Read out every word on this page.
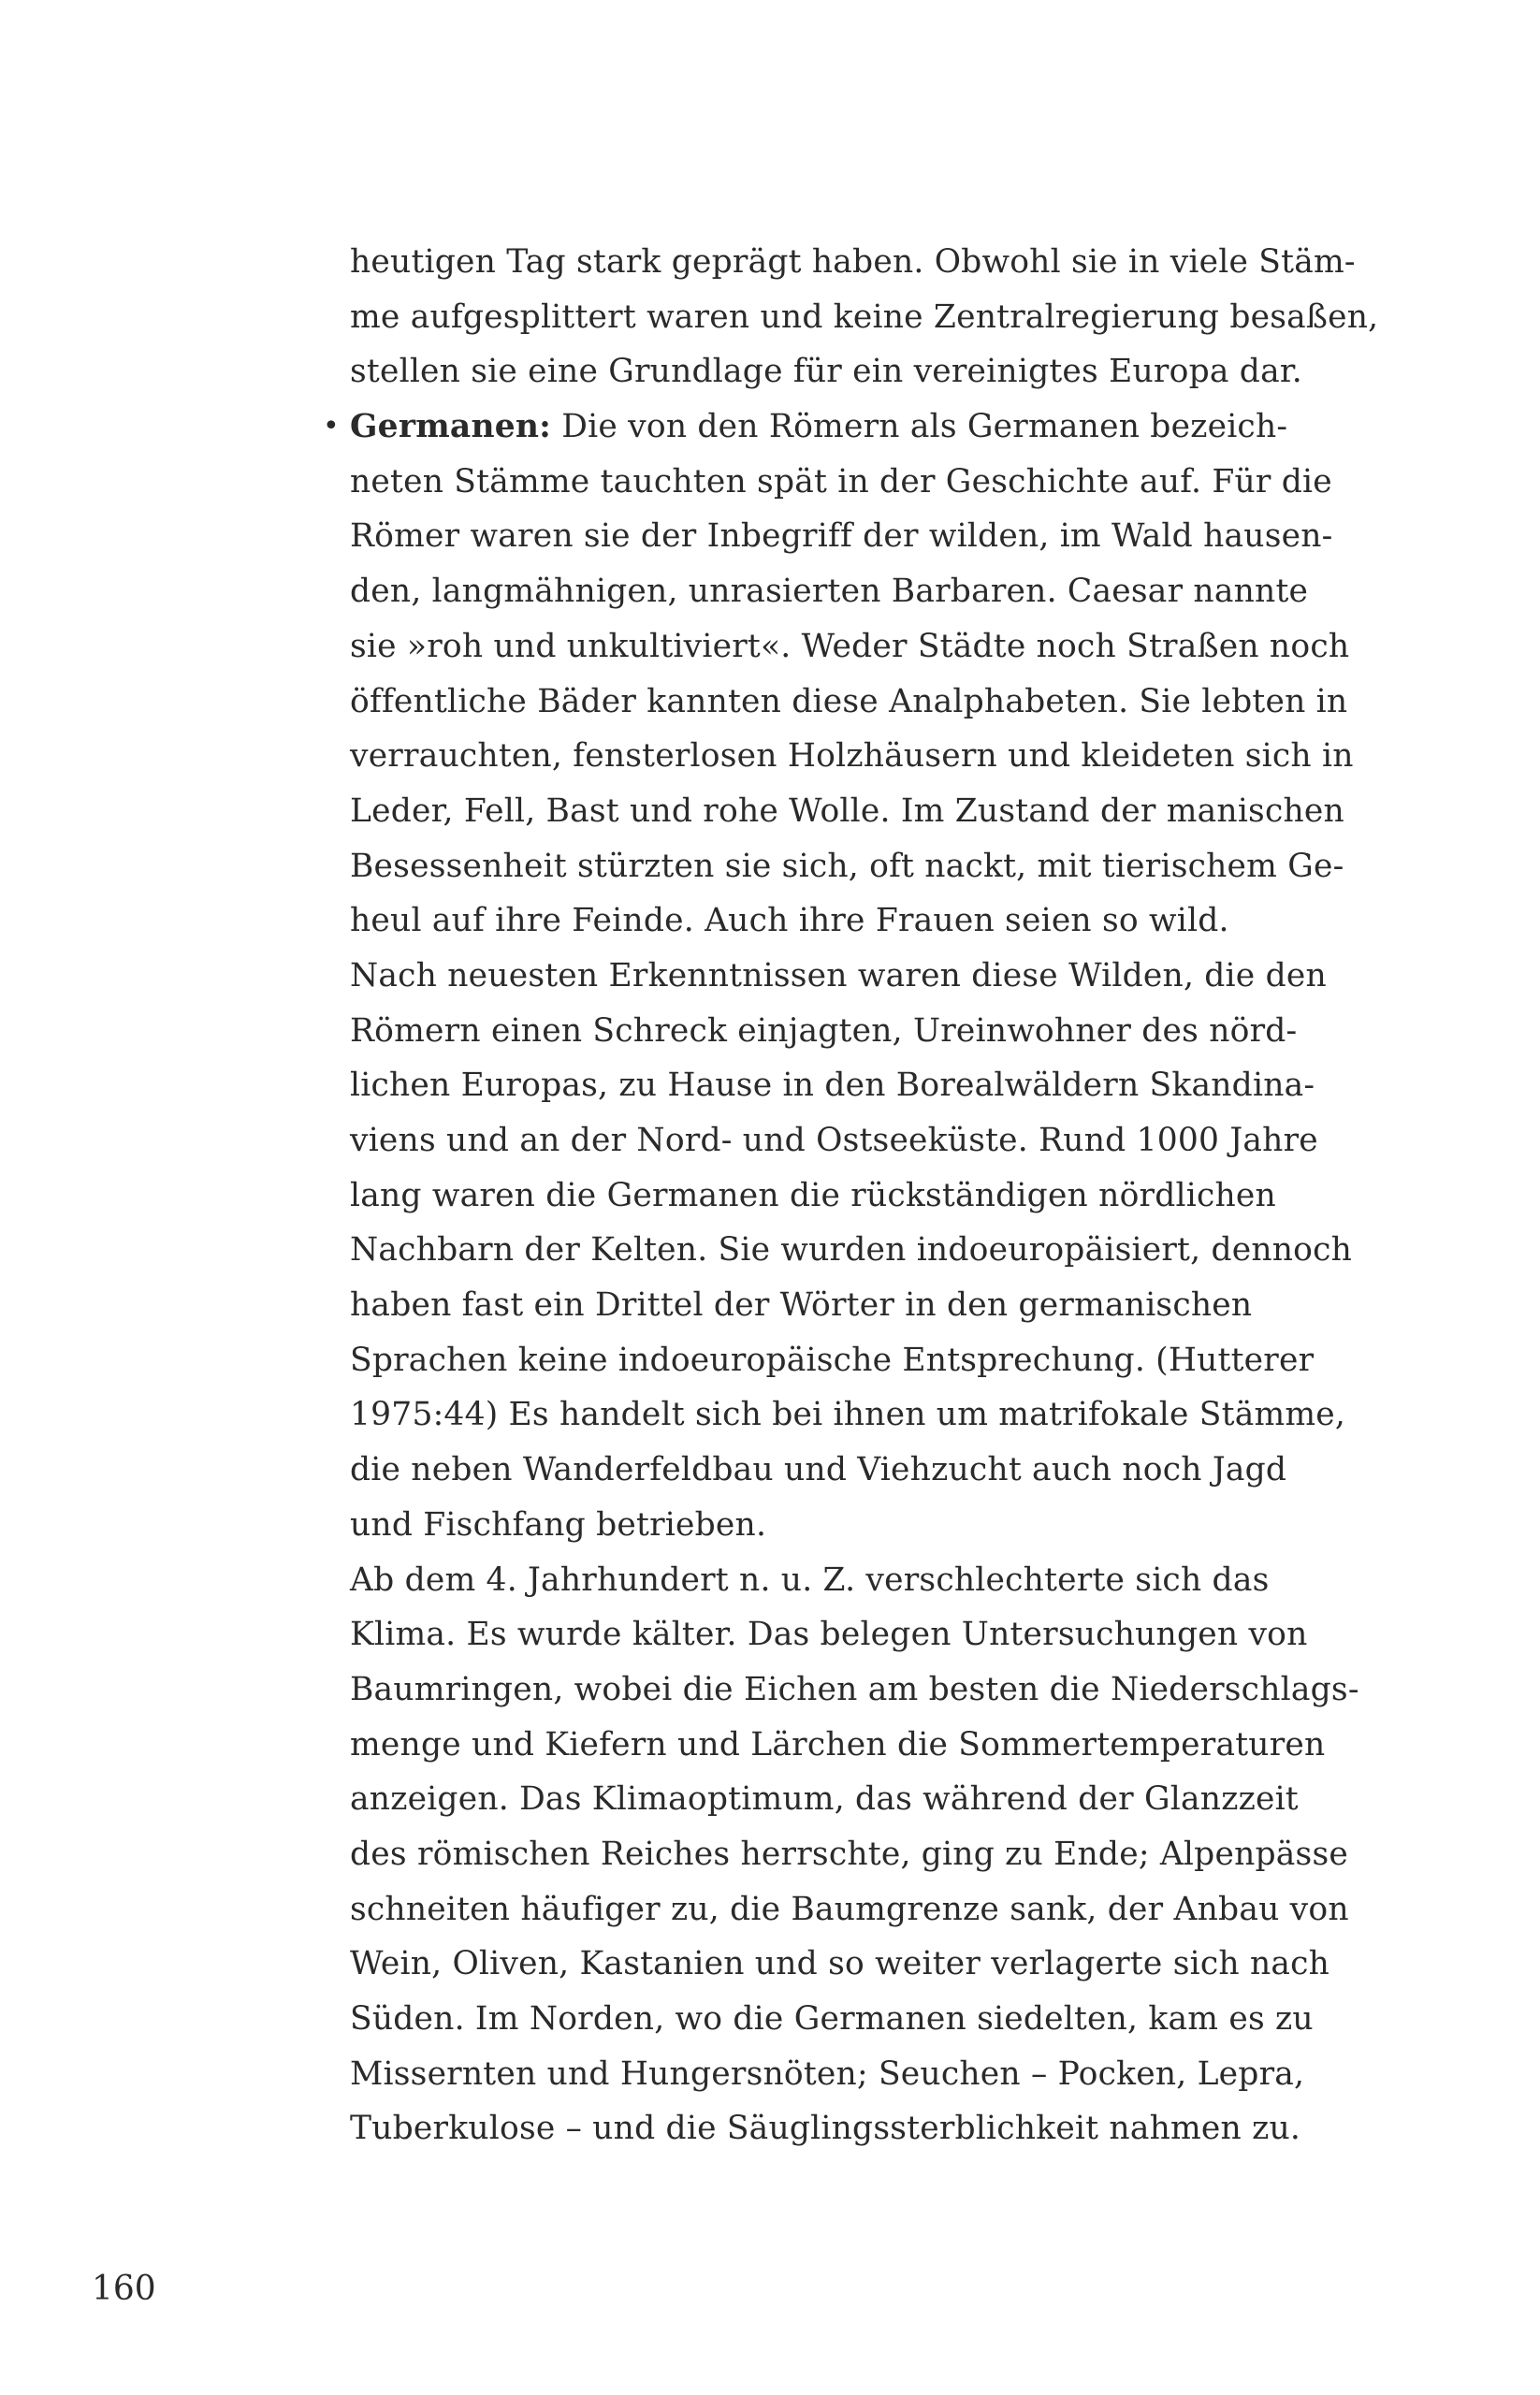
heutigen Tag stark geprägt haben. Obwohl sie in viele Stäm-
me aufgesplittert waren und keine Zentralregierung besaßen,
stellen sie eine Grundlage für ein vereinigtes Europa dar.
• Germanen: Die von den Römern als Germanen bezeich-
neten Stämme tauchten spät in der Geschichte auf. Für die
Römer waren sie der Inbegriff der wilden, im Wald hausen-
den, langmähnigen, unrasierten Barbaren. Caesar nannte
sie »roh und unkultiviert«. Weder Städte noch Straßen noch
öffentliche Bäder kannten diese Analphabeten. Sie lebten in
verrauchten, fensterlosen Holzhäusern und kleideten sich in
Leder, Fell, Bast und rohe Wolle. Im Zustand der manischen
Besessenheit stürzten sie sich, oft nackt, mit tierischem Ge-
heul auf ihre Feinde. Auch ihre Frauen seien so wild.
Nach neuesten Erkenntnissen waren diese Wilden, die den
Römern einen Schreck einjagten, Ureinwohner des nörd-
lichen Europas, zu Hause in den Borealwäldern Skandina-
viens und an der Nord- und Ostseeküste. Rund 1000 Jahre
lang waren die Germanen die rückständigen nördlichen
Nachbarn der Kelten. Sie wurden indoeuropäisiert, dennoch
haben fast ein Drittel der Wörter in den germanischen
Sprachen keine indoeuropäische Entsprechung. (Hutterer
1975:44) Es handelt sich bei ihnen um matrifokale Stämme,
die neben Wanderfeldbau und Viehzucht auch noch Jagd
und Fischfang betrieben.
Ab dem 4. Jahrhundert n. u. Z. verschlechterte sich das
Klima. Es wurde kälter. Das belegen Untersuchungen von
Baumringen, wobei die Eichen am besten die Niederschlags-
menge und Kiefern und Lärchen die Sommertemperaturen
anzeigen. Das Klimaoptimum, das während der Glanzzeit
des römischen Reiches herrschte, ging zu Ende; Alpenpässe
schneiten häufiger zu, die Baumgrenze sank, der Anbau von
Wein, Oliven, Kastanien und so weiter verlagerte sich nach
Süden. Im Norden, wo die Germanen siedelten, kam es zu
Missernten und Hungersnöten; Seuchen – Pocken, Lepra,
Tuberkulose – und die Säuglingssterblichkeit nahmen zu.
160
